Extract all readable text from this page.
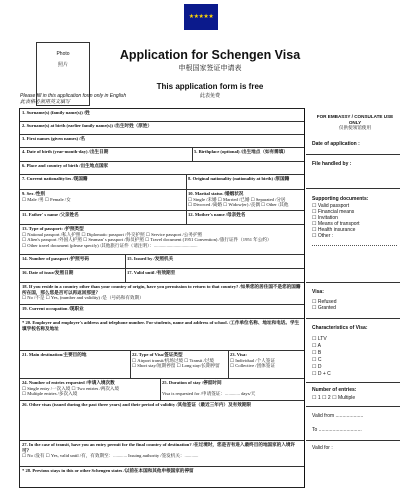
★★★★★
Photo
照片
Application for Schengen Visa
申根国家签证申请表
This application form is free
此表免费
Please fill in this application form only in English
此表格必须用英文填写
1. Surname(s) (family name(s)) /姓
2. Surname(s) at birth (earlier family name(s)) /出生时姓（原姓）
3. First names (given names) /名
4. Date of birth (year-month-day) /出生日期	5. Birthplace (optional) /出生地点（如有需填）
6. Place and country of birth /出生地点国家
7. Current nationality/ies /现国籍	8. Original nationality (nationality at birth) /原国籍
9. Sex /性别
☐ Male /男 ☐ Female /女
10. Marital status /婚姻状况
☐ Single /未婚 ☐ Married /已婚 ☐ Separated /分居
☐ Divorced /离婚 ☐ Widow(er) /丧偶 ☐ Other /其他
11. Father' s name /父亲姓名	12. Mother's name /母亲姓名
13. Type of passport: /护照类型
☐ National passport /私人护照 ☐ Diplomatic passport /外交护照 ☐ Service passport /公务护照
☐ Alien's passport /外国人护照 ☐ Seaman' s passport /海员护照 ☐ Travel document (1951 Convention) /旅行证件（1951 年公约）
☐ Other travel document (please specify) /其他旅行证件（请注明）：......................................
14. Number of passport /护照号码	15. Issued by /发照机关
16. Date of issue/发照日期	17. Valid until /有效期至
18. If you reside in a country other than your country of origin, have you permission to return to that country? /如果您的居住国不是您的国籍所在国，那么您是否可以再返回那里？
☐ No /不是 ☐ Yes, (number and validity) /是（号码和有效期）
19. Current occupation /现职业
* 20. Employer and employer's address and telephone number. For students, name and address of school. /工作单位名称、地址和电话。学生填学校名称及地址
21. Main destination/主要目的地	22. Type of Visa/签证类型
☐ Airport transit/机场过境 ☐ Transit /过境
☐ Short stay/短期停留 ☐ Long stay/长期停留
23. Visa:
☐ Individual /个人签证
☐ Collective /团体签证
24. Number of entries requested /申请入境次数
☐ Single entry /一次入境 ☐ Two entries /两次入境
☐ Multiple entries /多次入境
25. Duration of stay /停留时间

Visa is requested for /申请签证：............. days/天
26. Other visas (issued during the past three years) and their period of validity /其他签证（最近三年内）及有效期限
27. In the case of transit, have you an entry permit for the final country of destination? /在过境时，您是否有进入最终目的地国家的入境许可？
☐ No /没有 ☐ Yes, valid until /有，有效期至：............ Issuing authority /签发机关：............
* 28. Previous stays in this or other Schengen states /以前在本国和其他申根国家的停留
FOR EMBASSY / CONSULATE USE ONLY
仅供使领馆使用
Date of application :
File handled by :
Supporting documents:
☐ Valid passport
☐ Financial means
☐ Invitation
☐ Means of transport
☐ Health insurance
☐ Other :
Visa:
☐ Refused
☐ Granted
Characteristics of Visa:
☐ LTV
☐ A
☐ B
☐ C
☐ D
☐ D + C
Number of entries:
☐ 1 ☐ 2 ☐ Multiple
Valid from ....................
To ...............................
Valid for :
